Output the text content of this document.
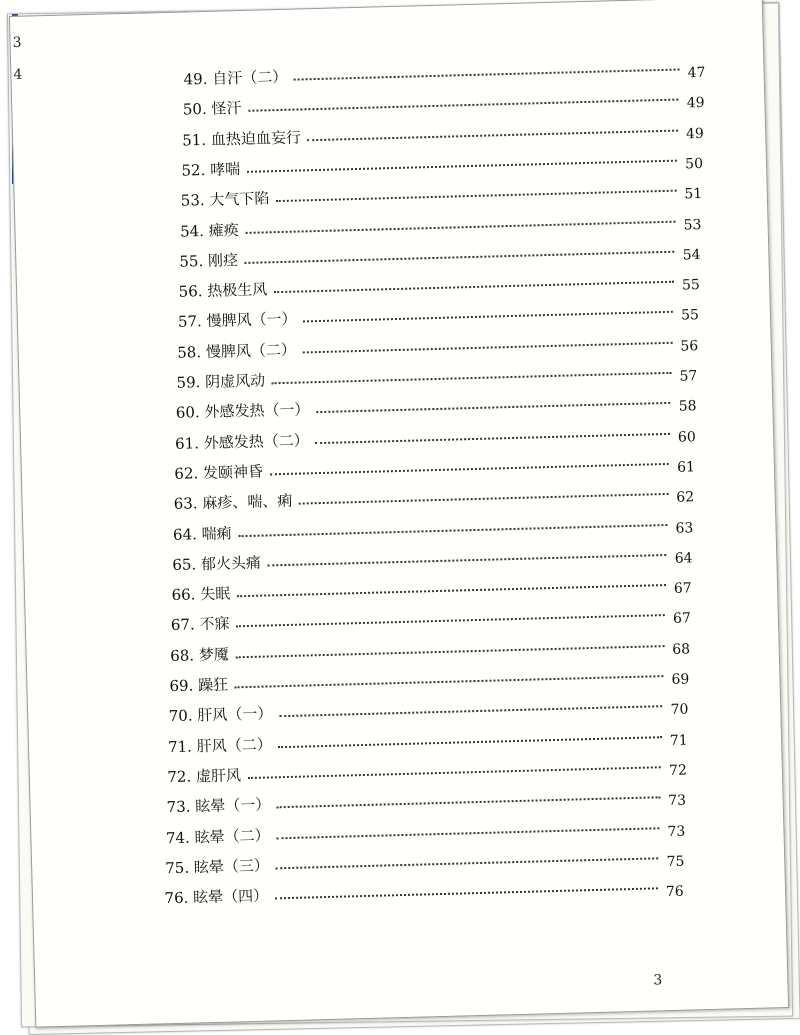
3
4	49. 自汗（二）	47
50. 怪汗	49
51. 血热迫血妄行	49
52. 哮喘	50
53. 大气下陷	51
54. 瘫痪	53
55. 刚痉	54
56. 热极生风	55
57. 慢脾风（一）	55
58. 慢脾风（二）	56
59. 阴虚风动	57
60. 外感发热（一）	58
61. 外感发热（二）	60
62. 发颐神昏	61
63. 麻疹、喘、痢	62
64. 喘痢	63
65. 郁火头痛	64
66. 失眠	67
67. 不寐	67
68. 梦魇	68
69. 躁狂	69
70. 肝风（一）	70
71. 肝风（二）	71
72. 虚肝风	72
73. 眩晕（一）	73
74. 眩晕（二）	73
75. 眩晕（三）	75
76. 眩晕（四）	76
3
